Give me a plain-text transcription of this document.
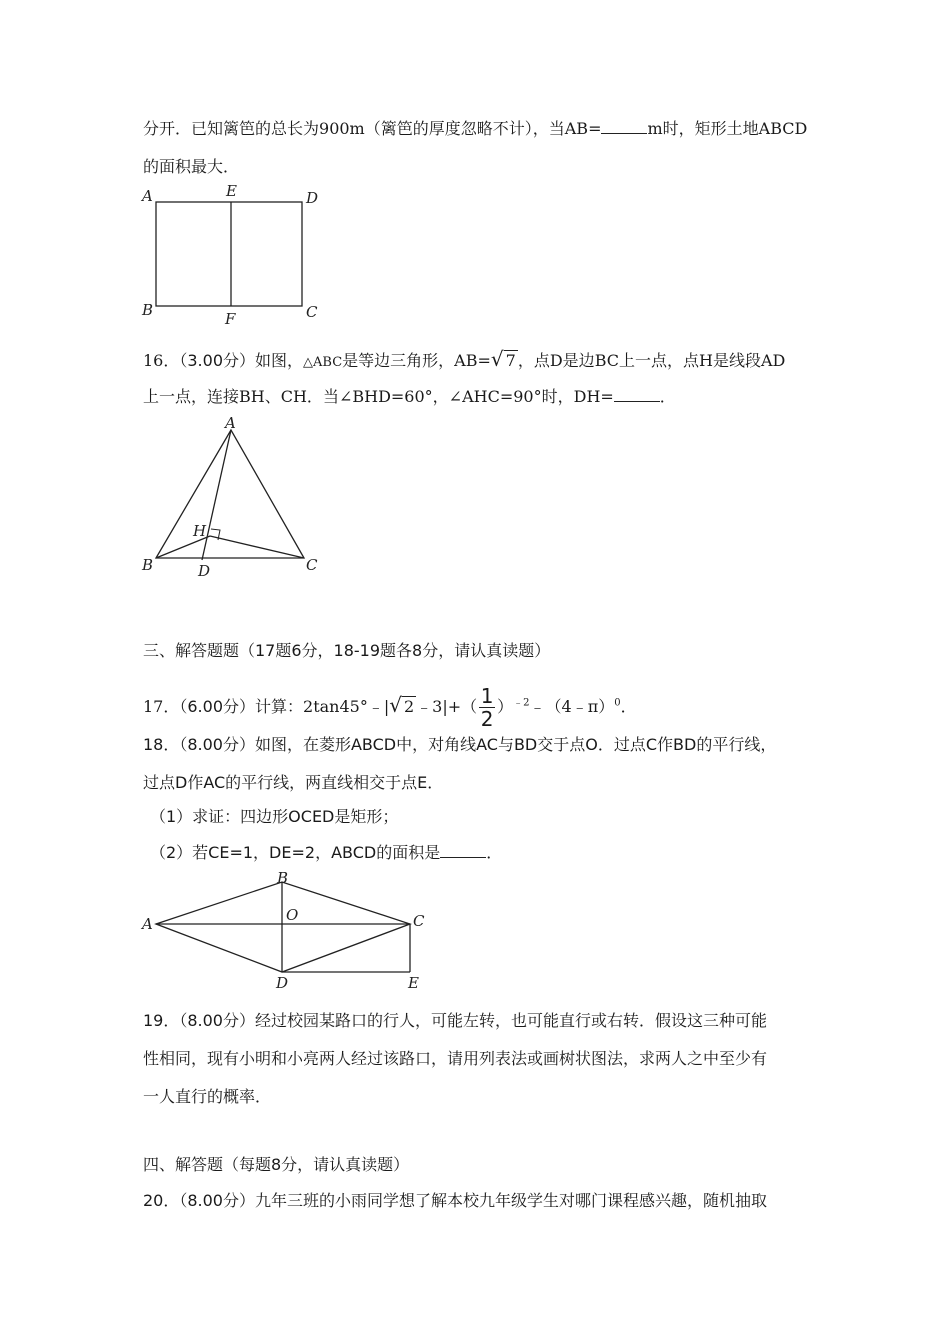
分开．已知篱笆的总长为900m（篱笆的厚度忽略不计），当AB=	m时，矩形土地ABCD
的面积最大．
A	E	D
B	F	C
16．（3.00分）如图，△ABC是等边三角形，AB=√ 7 ，点D是边BC上一点，点H是线段AD
上一点，连接BH、CH．当∠BHD=60°，∠AHC=90°时，DH=	．
A
H
B	D	C
三、解答题题（17题6分，18-19题各8分，请认真读题）
17．（6.00分）计算：2tan45°﹣|√ 2 ﹣3|+（ $\frac{1}{2}$ ）$^{﹣2}$﹣（4﹣π）$^0$．
18．（8.00分）如图，在菱形ABCD中，对角线AC与BD交于点O．过点C作BD的平行线，
过点D作AC的平行线，两直线相交于点E．
（1）求证：四边形OCED是矩形；
（2）若CE=1，DE=2，ABCD的面积是	．
A
B
O	C
D	E
19．（8.00分）经过校园某路口的行人，可能左转，也可能直行或右转．假设这三种可能
性相同，现有小明和小亮两人经过该路口，请用列表法或画树状图法，求两人之中至少有
一人直行的概率．
四、解答题（每题8分，请认真读题）
20．（8.00分）九年三班的小雨同学想了解本校九年级学生对哪门课程感兴趣，随机抽取
